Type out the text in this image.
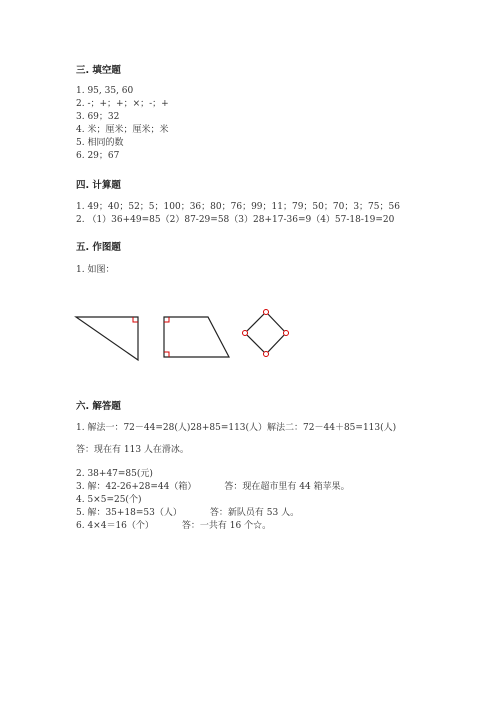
三. 填空题
1. 95, 35, 60
2. -；+；+；×；-；+
3. 69；32
4. 米；厘米；厘米；米
5. 相同的数
6. 29；67
四. 计算题
1. 49；40；52；5；100；36；80；76；99；11；79；50；70；3；75；56
2. （1）36+49=85（2）87-29=58（3）28+17-36=9（4）57-18-19=20
五. 作图题
1. 如图：
六. 解答题
1. 解法一：72－44=28(人)28+85=113(人）解法二：72－44＋85=113(人)
答：现在有 113 人在滑冰。
2. 38+47=85(元)
3. 解：42-26+28=44（箱）	答：现在超市里有 44 箱苹果。
4. 5×5=25(个)
5. 解：35+18=53（人）	答：新队员有 53 人。
6. 4×4＝16（个）	答：一共有 16 个☆。
